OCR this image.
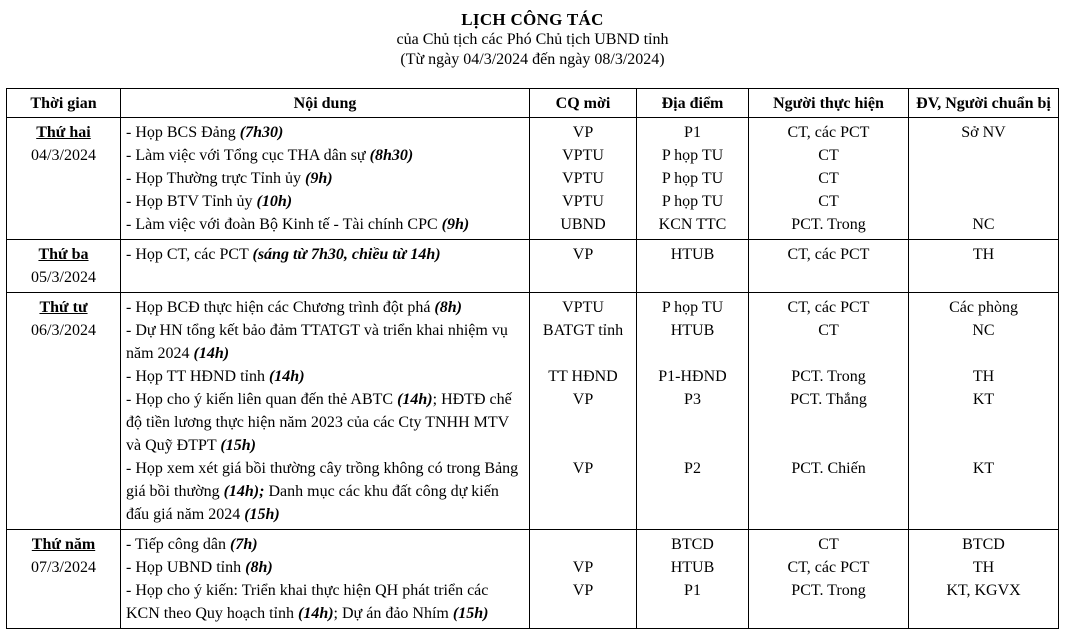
LỊCH CÔNG TÁC
của Chủ tịch các Phó Chủ tịch UBND tỉnh
(Từ ngày 04/3/2024 đến ngày 08/3/2024)
Thời gian	Nội dung	CQ mời	Địa điểm	Người thực hiện	ĐV, Người chuẩn bị

Thứ hai
04/3/2024	- Họp BCS Đảng (7h30)	VP	P1	CT, các PCT	Sở NV
	- Làm việc với Tổng cục THA dân sự (8h30)	VPTU	P họp TU	CT	
	- Họp Thường trực Tỉnh ủy (9h)	VPTU	P họp TU	CT	
	- Họp BTV Tỉnh ủy (10h)	VPTU	P họp TU	CT	
	- Làm việc với đoàn Bộ Kinh tế - Tài chính CPC (9h)	UBND	KCN TTC	PCT. Trong	NC

Thứ ba
05/3/2024	- Họp CT, các PCT (sáng từ 7h30, chiều từ 14h)	VP	HTUB	CT, các PCT	TH

Thứ tư
06/3/2024	- Họp BCĐ thực hiện các Chương trình đột phá (8h)	VPTU	P họp TU	CT, các PCT	Các phòng
	- Dự HN tổng kết bảo đảm TTATGT và triển khai nhiệm vụ năm 2024 (14h)	BATGT tỉnh	HTUB	CT	NC
	- Họp TT HĐND tỉnh (14h)	TT HĐND	P1-HĐND	PCT. Trong	TH
	- Họp cho ý kiến liên quan đến thẻ ABTC (14h); HĐTĐ chế độ tiền lương thực hiện năm 2023 của các Cty TNHH MTV và Quỹ ĐTPT (15h)	VP	P3	PCT. Thắng	KT
	- Họp xem xét giá bồi thường cây trồng không có trong Bảng giá bồi thường (14h); Danh mục các khu đất công dự kiến đấu giá năm 2024 (15h)	VP	P2	PCT. Chiến	KT

Thứ năm
07/3/2024	- Tiếp công dân (7h)		BTCD	CT	BTCD
	- Họp UBND tỉnh (8h)	VP	HTUB	CT, các PCT	TH
	- Họp cho ý kiến: Triển khai thực hiện QH phát triển các KCN theo Quy hoạch tỉnh (14h); Dự án đảo Nhím (15h)	VP	P1	PCT. Trong	KT, KGVX
